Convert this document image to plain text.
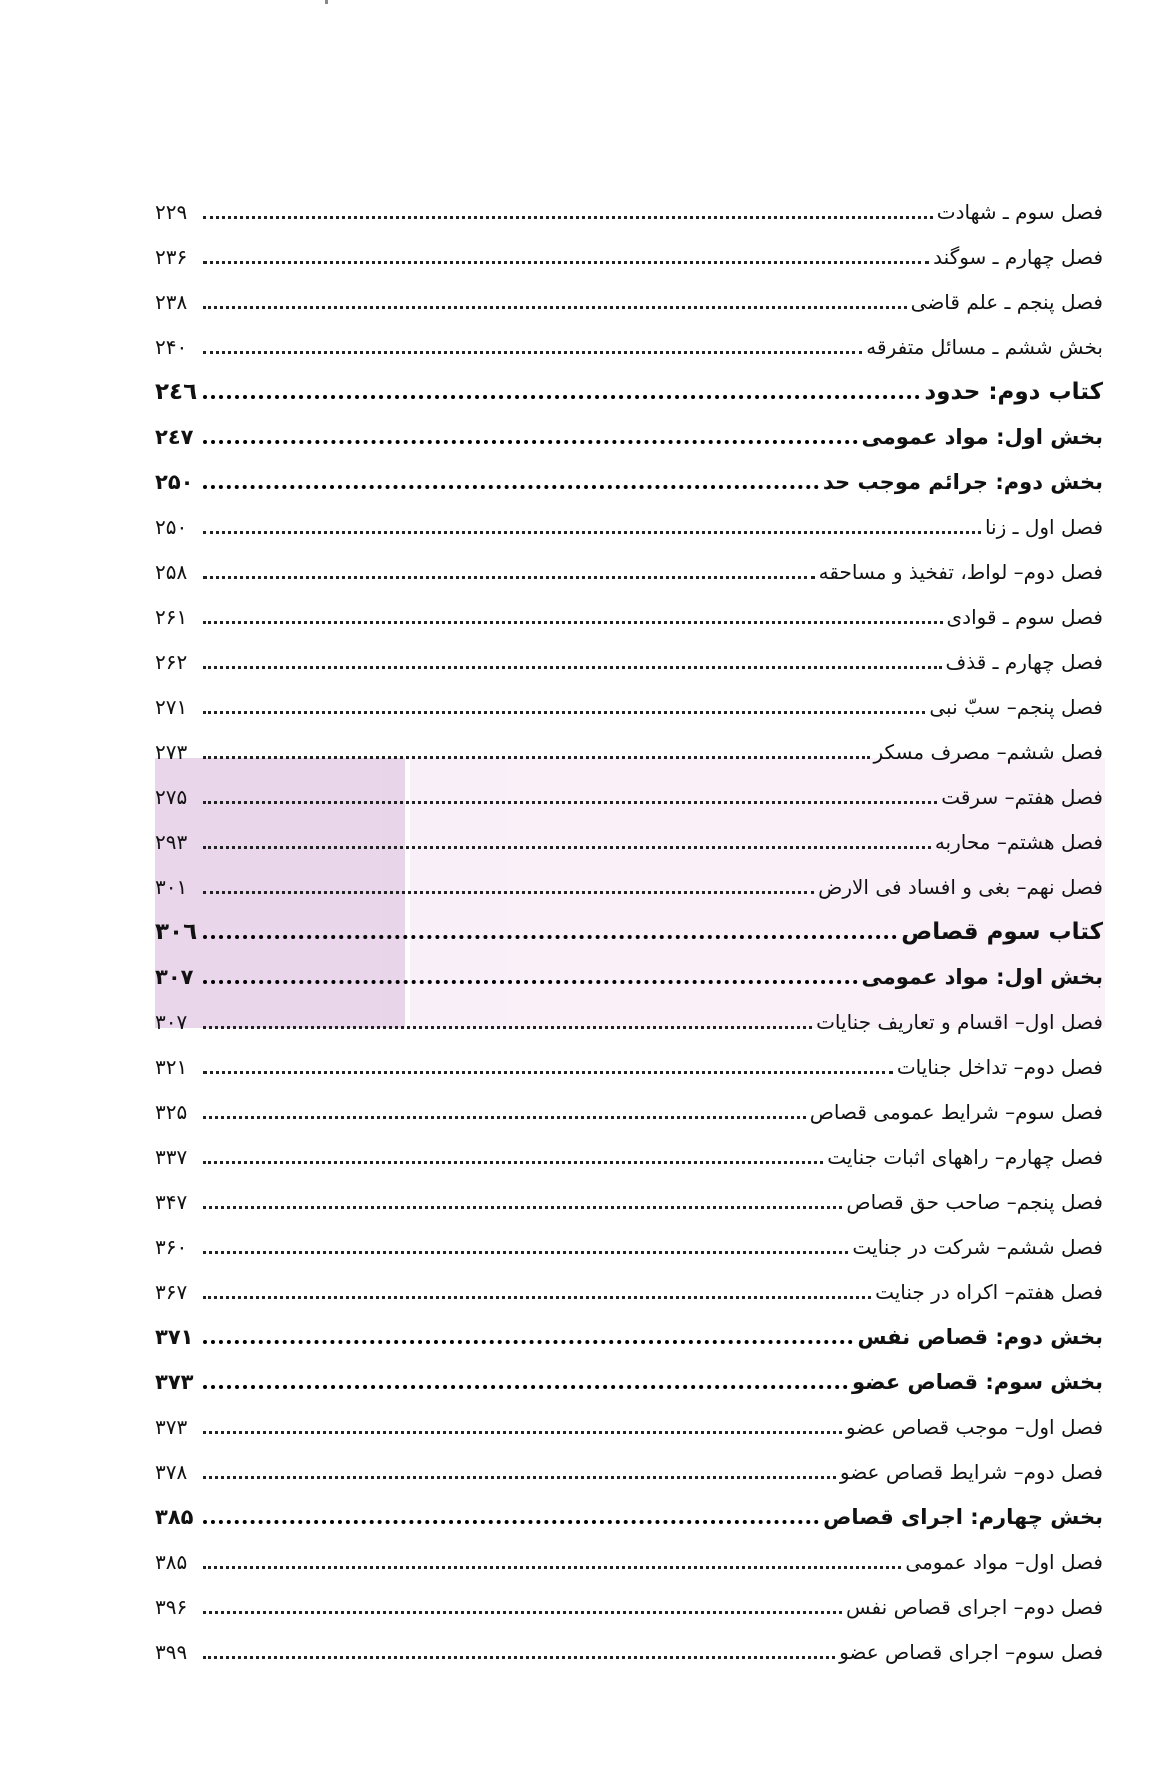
فصل سوم ـ شهادت
۲۲۹
فصل چهارم ـ سوگند
۲۳۶
فصل پنجم ـ علم قاضی
۲۳۸
بخش ششم ـ مسائل متفرقه
۲۴۰
کتاب دوم: حدود
۲٤٦
بخش اول: مواد عمومی
۲٤٧
بخش دوم: جرائم موجب حد
۲۵۰
فصل اول ـ زنا
۲۵۰
فصل دوم– لواط، تفخیذ و مساحقه
۲۵۸
فصل سوم ـ قوادی
۲۶۱
فصل چهارم ـ قذف
۲۶۲
فصل پنجم– سبّ نبی
۲۷۱
فصل ششم– مصرف مسکر
۲۷۳
فصل هفتم– سرقت
۲۷۵
فصل هشتم– محاربه
۲۹۳
فصل نهم– بغی و افساد فی الارض
۳۰۱
کتاب سوم قصاص
۳۰٦
بخش اول: مواد عمومی
۳۰۷
فصل اول– اقسام و تعاریف جنایات
۳۰۷
فصل دوم– تداخل جنایات
۳۲۱
فصل سوم– شرایط عمومی قصاص
۳۲۵
فصل چهارم– راههای اثبات جنایت
۳۳۷
فصل پنجم– صاحب حق قصاص
۳۴۷
فصل ششم– شرکت در جنایت
۳۶۰
فصل هفتم– اکراه در جنایت
۳۶۷
بخش دوم: قصاص نفس
۳۷۱
بخش سوم: قصاص عضو
۳۷۳
فصل اول– موجب قصاص عضو
۳۷۳
فصل دوم– شرایط قصاص عضو
۳۷۸
بخش چهارم: اجرای قصاص
۳۸۵
فصل اول– مواد عمومی
۳۸۵
فصل دوم– اجرای قصاص نفس
۳۹۶
فصل سوم– اجرای قصاص عضو
۳۹۹
